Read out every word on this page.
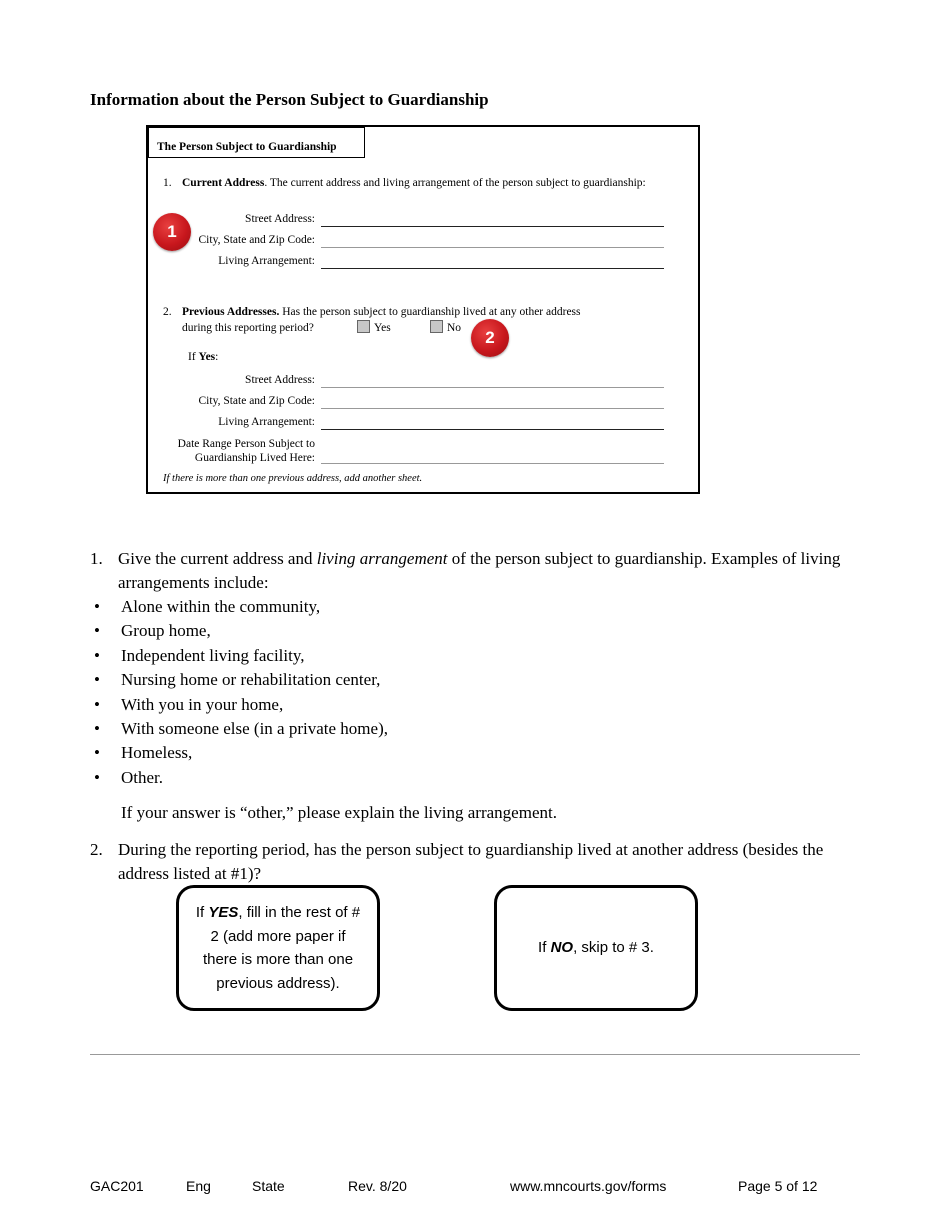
Information about the Person Subject to Guardianship
The Person Subject to Guardianship
1. Current Address. The current address and living arrangement of the person subject to guardianship:
Street Address:
City, State and Zip Code:
Living Arrangement:
2. Previous Addresses. Has the person subject to guardianship lived at any other address
during this reporting period?	Yes	No
If Yes:
Street Address:
City, State and Zip Code:
Living Arrangement:
Date Range Person Subject to
Guardianship Lived Here:
If there is more than one previous address, add another sheet.
1
2
1. Give the current address and living arrangement of the person subject to guardianship. Examples of living arrangements include:
• Alone within the community,
• Group home,
• Independent living facility,
• Nursing home or rehabilitation center,
• With you in your home,
• With someone else (in a private home),
• Homeless,
• Other.
If your answer is “other,” please explain the living arrangement.
2. During the reporting period, has the person subject to guardianship lived at another address (besides the address listed at #1)?
If YES, fill in the rest of # 2 (add more paper if there is more than one previous address).
If NO, skip to # 3.
GAC201	Eng	State	Rev. 8/20	www.mncourts.gov/forms	Page 5 of 12
